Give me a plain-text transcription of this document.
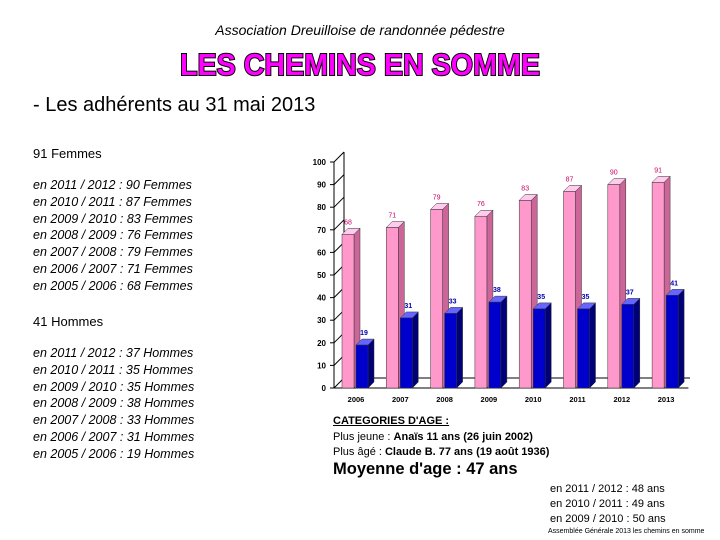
Association Dreuilloise de randonnée pédestre
LES CHEMINS EN SOMME
- Les adhérents au 31 mai 2013
91 Femmes
en 2011 / 2012 : 90 Femmes
en 2010 / 2011 : 87 Femmes
en 2009 / 2010 : 83 Femmes
en 2008 / 2009 : 76 Femmes
en 2007 / 2008 : 79 Femmes
en 2006 / 2007 : 71 Femmes
en 2005 / 2006 : 68 Femmes
41 Hommes
en 2011 / 2012 : 37 Hommes
en 2010 / 2011 : 35 Hommes
en 2009 / 2010 : 35 Hommes
en 2008 / 2009 : 38 Hommes
en 2007 / 2008 : 33 Hommes
en 2006 / 2007 : 31 Hommes
en 2005 / 2006 : 19 Hommes
0
10
20
30
40
50
60
70
80
90
100
68
19
2006
71
31
2007
79
33
2008
76
38
2009
83
35
2010
87
35
2011
90
37
2012
91
41
2013
CATEGORIES D'AGE :
Plus jeune : Anaïs 11 ans (26 juin 2002)
Plus âgé : Claude B. 77 ans (19 août 1936)
Moyenne d'age : 47 ans
en 2011 / 2012 : 48 ans
en 2010 / 2011 : 49 ans
en 2009 / 2010 : 50 ans
Assemblée Générale 2013 les chemins en somme
